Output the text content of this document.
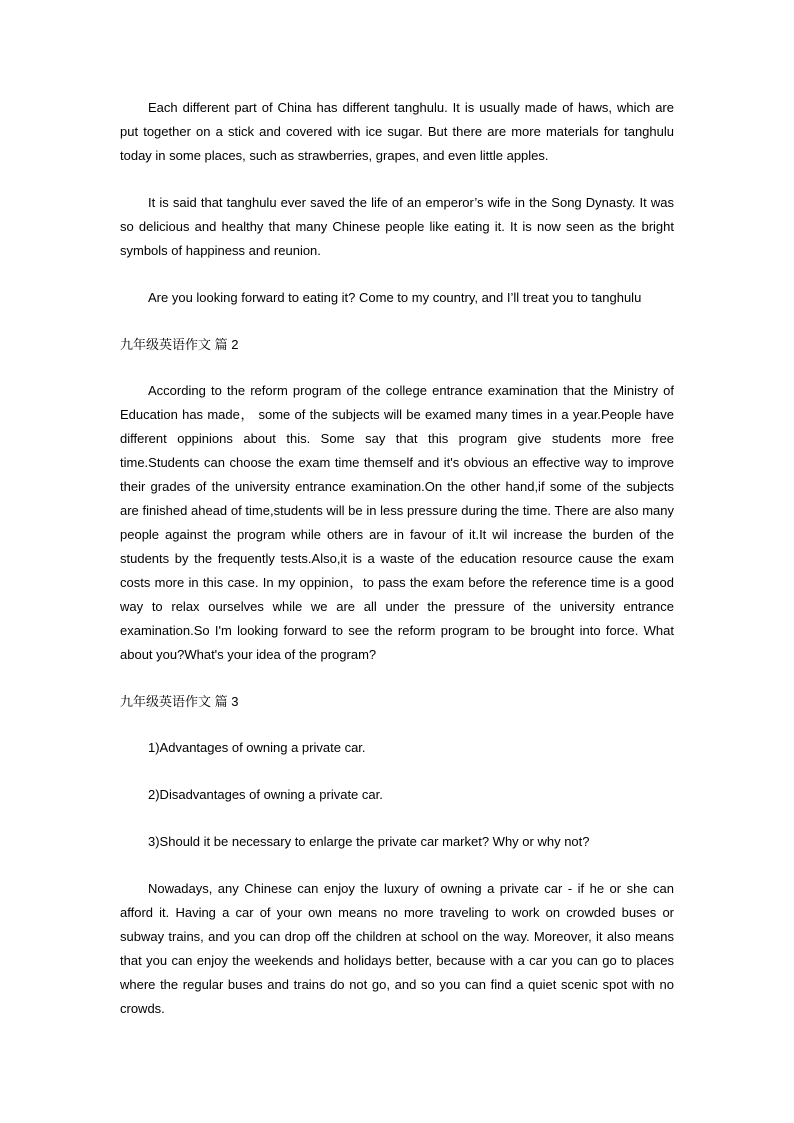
Each different part of China has different tanghulu. It is usually made of haws, which are put together on a stick and covered with ice sugar. But there are more materials for tanghulu today in some places, such as strawberries, grapes, and even little apples.

It is said that tanghulu ever saved the life of an emperor’s wife in the Song Dynasty. It was so delicious and healthy that many Chinese people like eating it. It is now seen as the bright symbols of happiness and reunion.

Are you looking forward to eating it? Come to my country, and I’ll treat you to tanghulu

九年级英语作文 篇 2

According to the reform program of the college entrance examination that the Ministry of Education has made， some of the subjects will be examed many times in a year.People have different oppinions about this. Some say that this program give students more free time.Students can choose the exam time themself and it's obvious an effective way to improve their grades of the university entrance examination.On the other hand,if some of the subjects are finished ahead of time,students will be in less pressure during the time. There are also many people against the program while others are in favour of it.It wil increase the burden of the students by the frequently tests.Also,it is a waste of the education resource cause the exam costs more in this case. In my oppinion，to pass the exam before the reference time is a good way to relax ourselves while we are all under the pressure of the university entrance examination.So I'm looking forward to see the reform program to be brought into force. What about you?What's your idea of the program?

九年级英语作文 篇 3

1)Advantages of owning a private car.

2)Disadvantages of owning a private car.

3)Should it be necessary to enlarge the private car market? Why or why not?

Nowadays, any Chinese can enjoy the luxury of owning a private car - if he or she can afford it. Having a car of your own means no more traveling to work on crowded buses or subway trains, and you can drop off the children at school on the way. Moreover, it also means that you can enjoy the weekends and holidays better, because with a car you can go to places where the regular buses and trains do not go, and so you can find a quiet scenic spot with no crowds.
